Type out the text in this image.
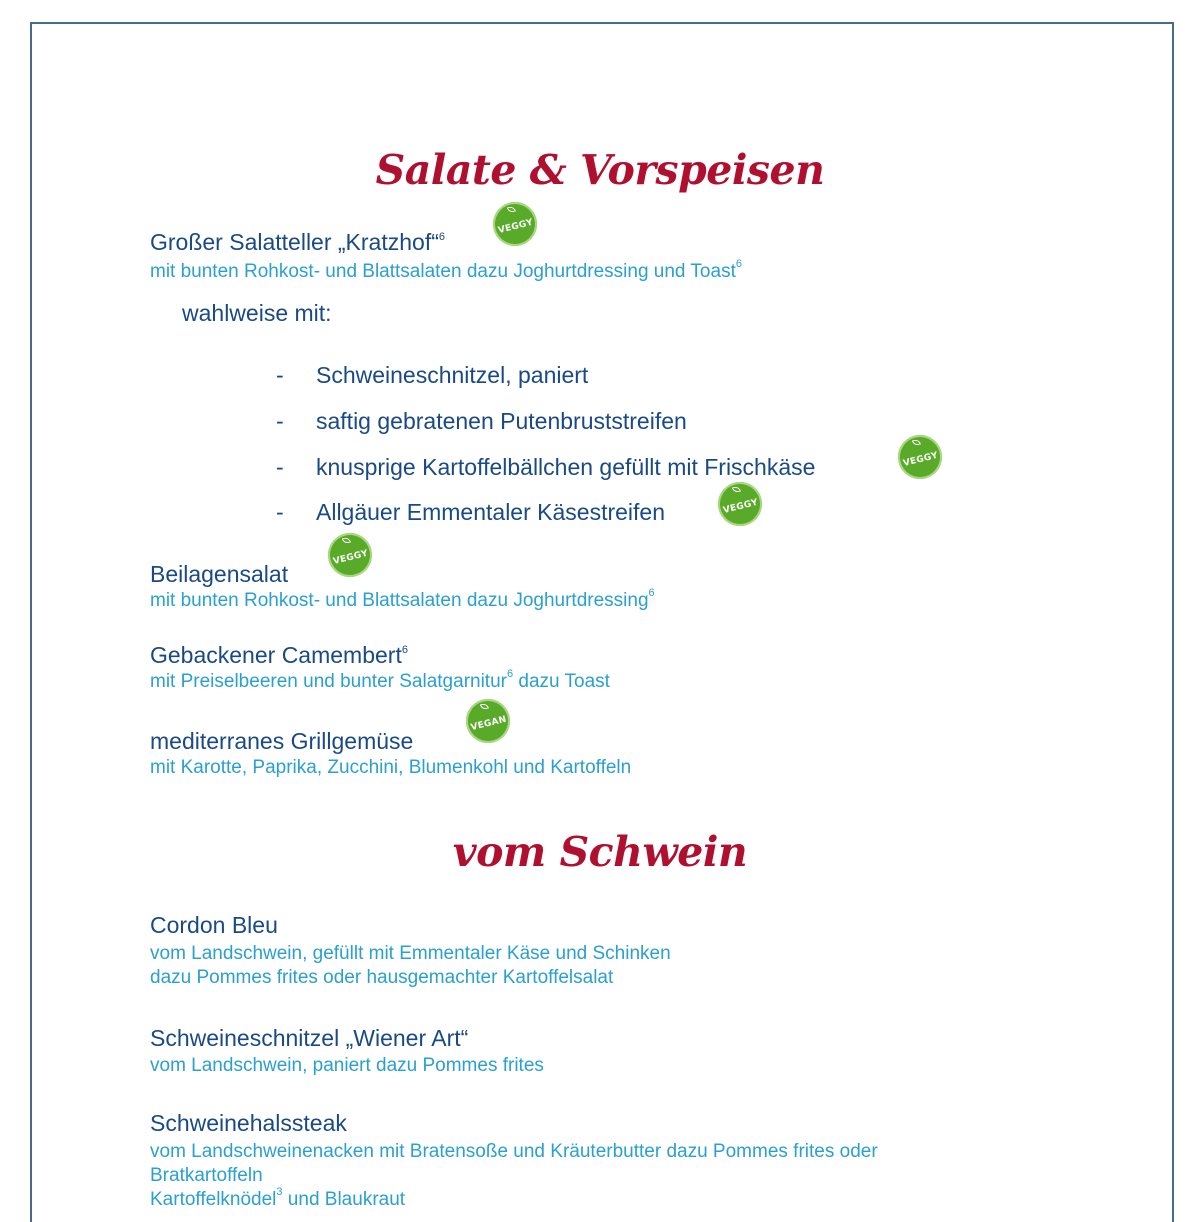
Salate & Vorspeisen
Großer Salatteller „Kratzhof“$^6$
VEGGY
mit bunten Rohkost- und Blattsalaten dazu Joghurtdressing und Toast$^6$
wahlweise mit:
- Schweineschnitzel, paniert
- saftig gebratenen Putenbruststreifen
- knusprige Kartoffelbällchen gefüllt mit Frischkäse	VEGGY
- Allgäuer Emmentaler Käsestreifen	VEGGY
Beilagensalat
VEGGY
mit bunten Rohkost- und Blattsalaten dazu Joghurtdressing$^6$
Gebackener Camembert$^6$
mit Preiselbeeren und bunter Salatgarnitur$^6$ dazu Toast
mediterranes Grillgemüse
VEGAN
mit Karotte, Paprika, Zucchini, Blumenkohl und Kartoffeln
vom Schwein
Cordon Bleu
vom Landschwein, gefüllt mit Emmentaler Käse und Schinken
dazu Pommes frites oder hausgemachter Kartoffelsalat
Schweineschnitzel „Wiener Art“
vom Landschwein, paniert dazu Pommes frites
Schweinehalssteak
vom Landschweinenacken mit Bratensoße und Kräuterbutter dazu Pommes frites oder
Bratkartoffeln
Kartoffelknödel$^3$ und Blaukraut
